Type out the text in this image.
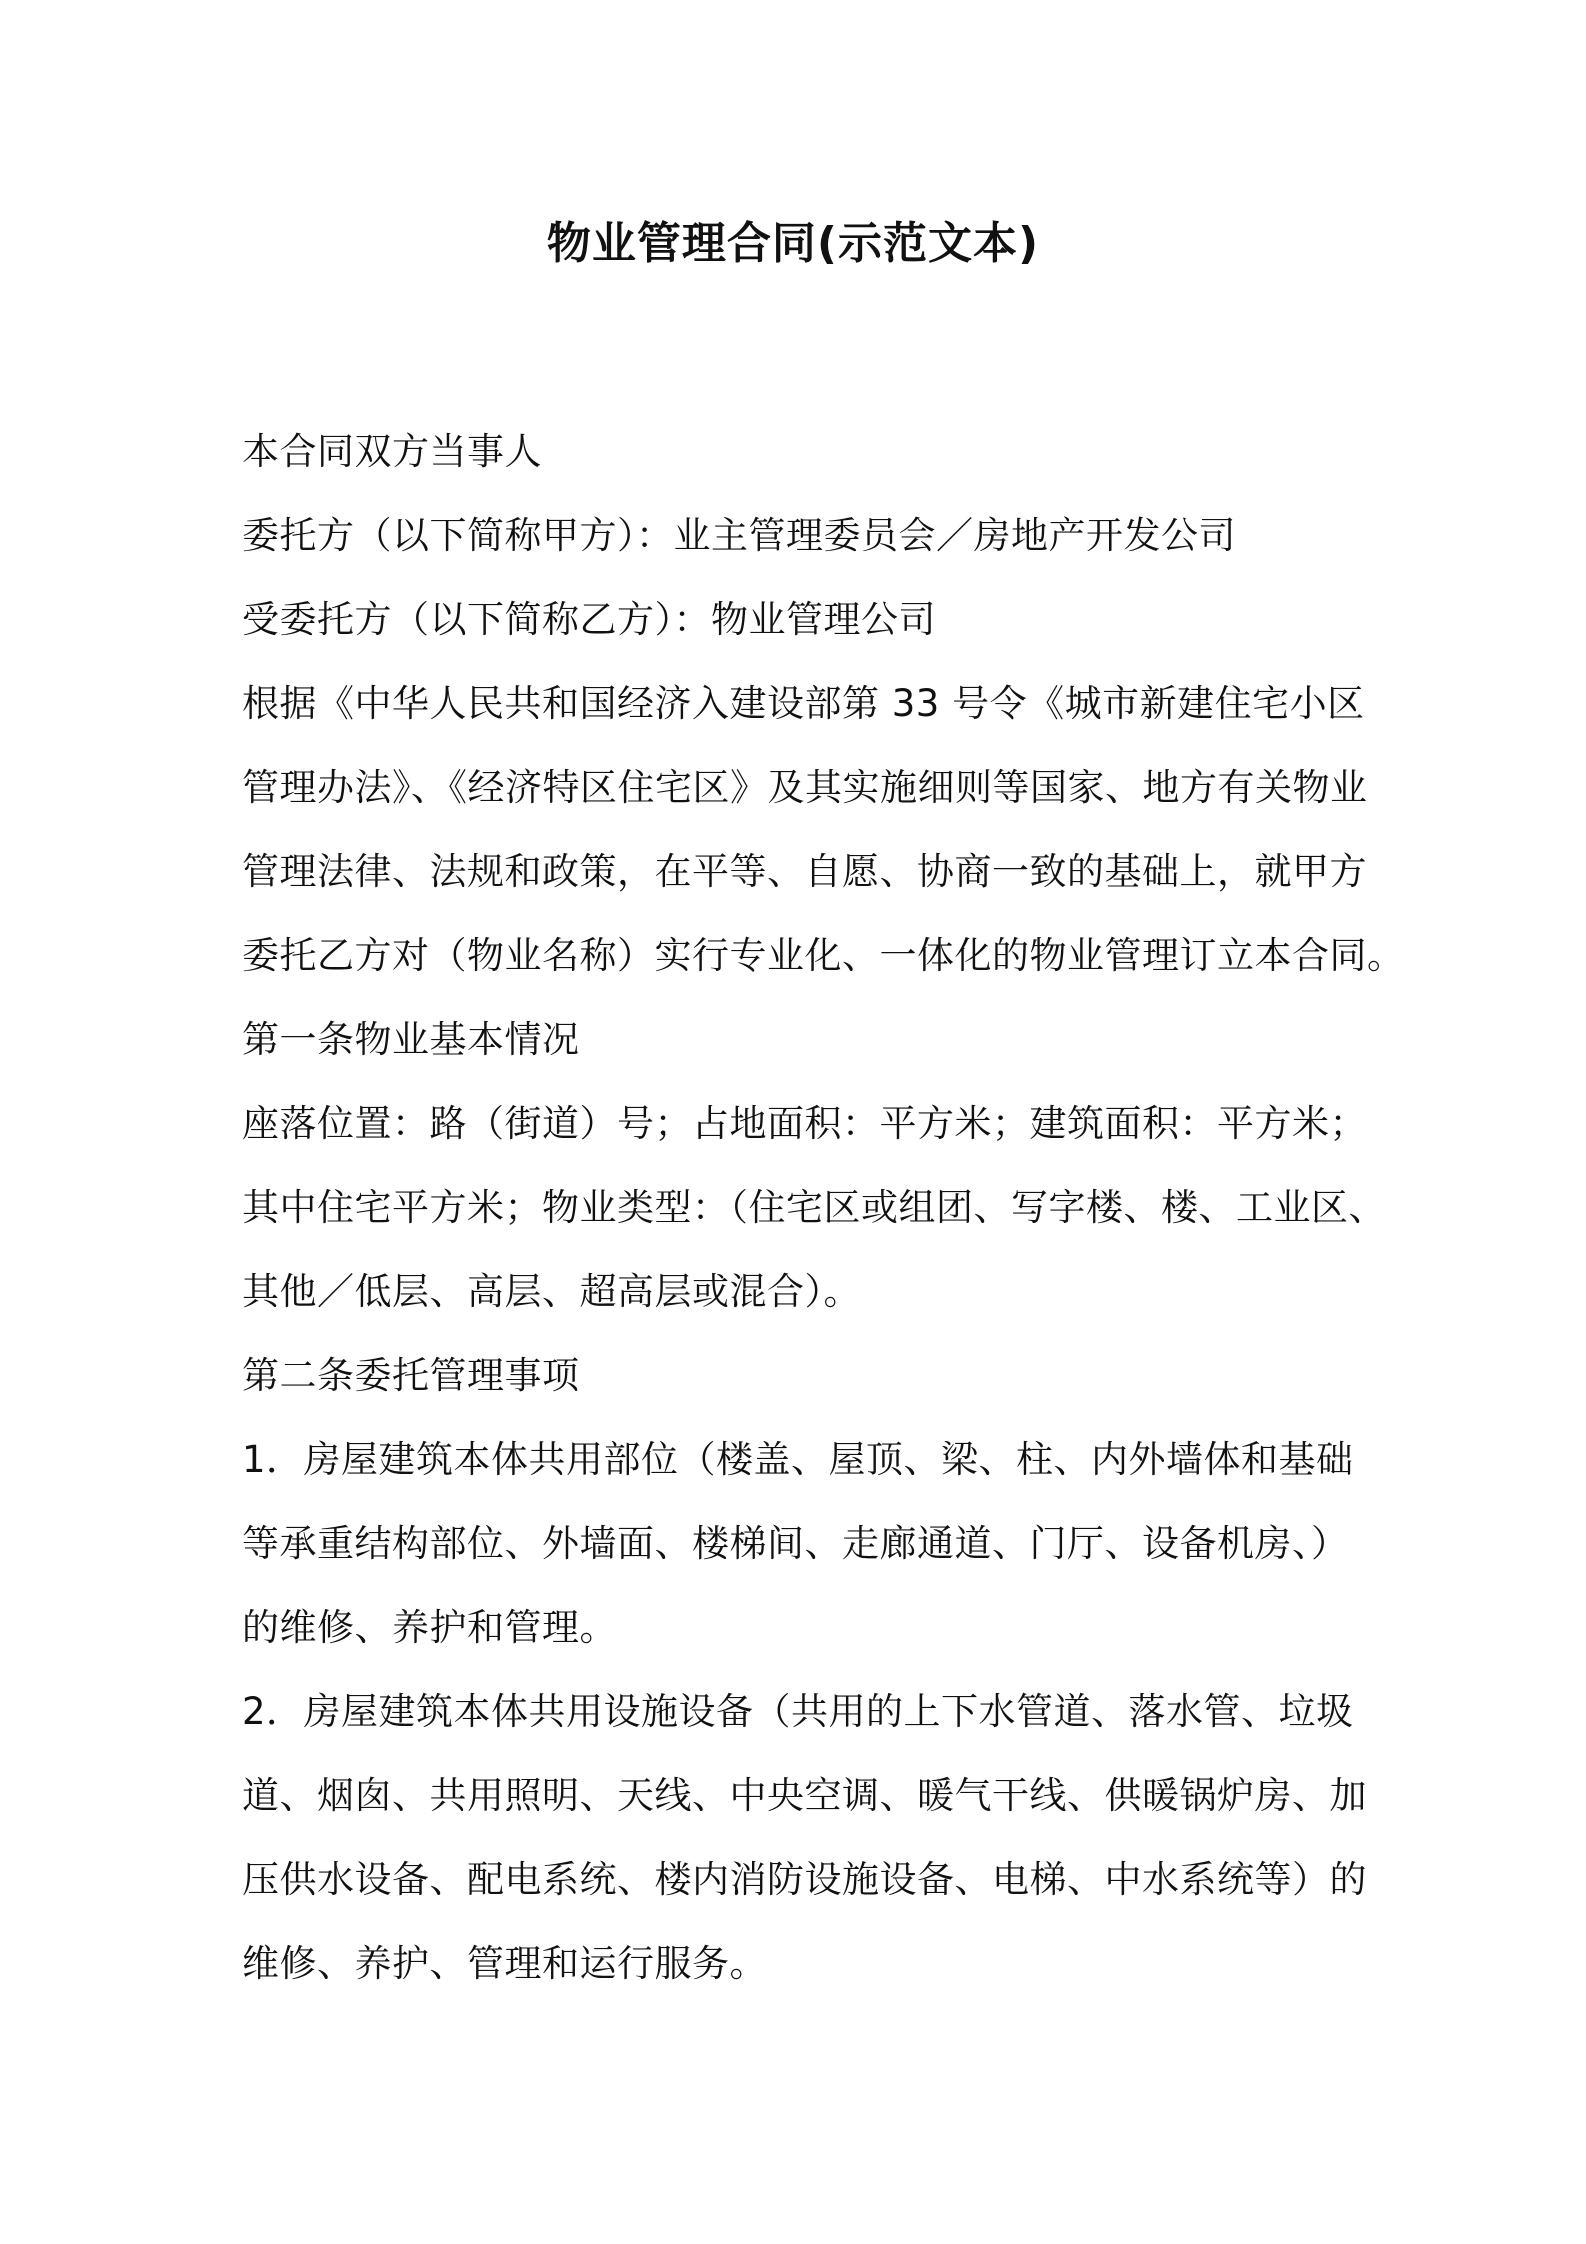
物业管理合同(示范文本)
本合同双方当事人
委托方（以下简称甲方）：业主管理委员会／房地产开发公司
受委托方（以下简称乙方）：物业管理公司
根据《中华人民共和国经济入建设部第 33 号令《城市新建住宅小区
管理办法》、《经济特区住宅区》及其实施细则等国家、地方有关物业
管理法律、法规和政策，在平等、自愿、协商一致的基础上，就甲方
委托乙方对（物业名称）实行专业化、一体化的物业管理订立本合同。
第一条物业基本情况
座落位置：路（街道）号；占地面积：平方米；建筑面积：平方米；
其中住宅平方米；物业类型：（住宅区或组团、写字楼、楼、工业区、
其他／低层、高层、超高层或混合）。
第二条委托管理事项
1．房屋建筑本体共用部位（楼盖、屋顶、梁、柱、内外墙体和基础
等承重结构部位、外墙面、楼梯间、走廊通道、门厅、设备机房、）
的维修、养护和管理。
2．房屋建筑本体共用设施设备（共用的上下水管道、落水管、垃圾
道、烟囱、共用照明、天线、中央空调、暖气干线、供暖锅炉房、加
压供水设备、配电系统、楼内消防设施设备、电梯、中水系统等）的
维修、养护、管理和运行服务。
